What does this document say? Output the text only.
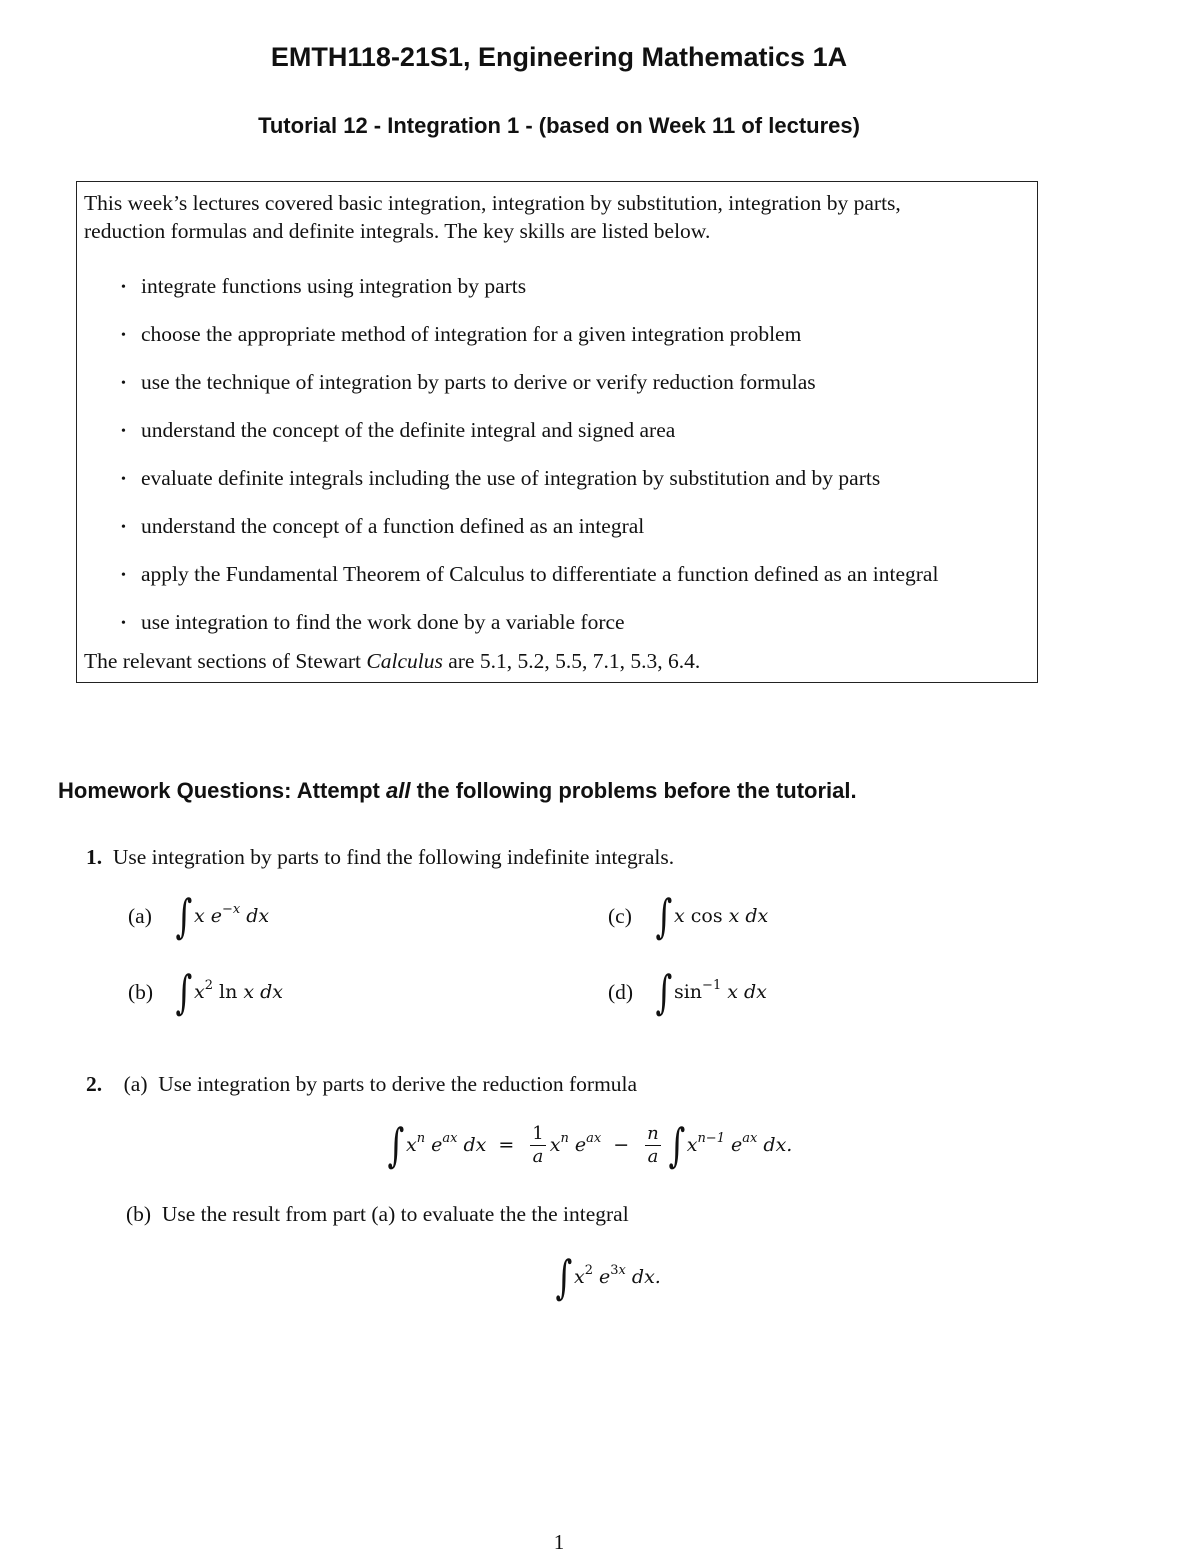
EMTH118-21S1, Engineering Mathematics 1A
Tutorial 12 - Integration 1 - (based on Week 11 of lectures)
This week’s lectures covered basic integration, integration by substitution, integration by parts,
reduction formulas and definite integrals. The key skills are listed below.
• integrate functions using integration by parts
• choose the appropriate method of integration for a given integration problem
• use the technique of integration by parts to derive or verify reduction formulas
• understand the concept of the definite integral and signed area
• evaluate definite integrals including the use of integration by substitution and by parts
• understand the concept of a function defined as an integral
• apply the Fundamental Theorem of Calculus to differentiate a function defined as an integral
• use integration to find the work done by a variable force
The relevant sections of Stewart Calculus are 5.1, 5.2, 5.5, 7.1, 5.3, 6.4.
Homework Questions: Attempt all the following problems before the tutorial.
1. Use integration by parts to find the following indefinite integrals.
(a) ∫ x $e^{-x}$ dx
(b) ∫ $x^2$ ln x dx
(c) ∫ x cos x dx
(d) ∫ $\sin^{-1} x$ dx
2. (a) Use integration by parts to derive the reduction formula
∫ $x^n$ $e^{ax}$ dx = $\frac{1}{a} x^n$ $e^{ax} - \frac{n}{a}$ ∫ $x^{n-1}$ $e^{ax}$ dx.
(b) Use the result from part (a) to evaluate the the integral
∫ $x^2$ $e^{3x}$ dx.
1
